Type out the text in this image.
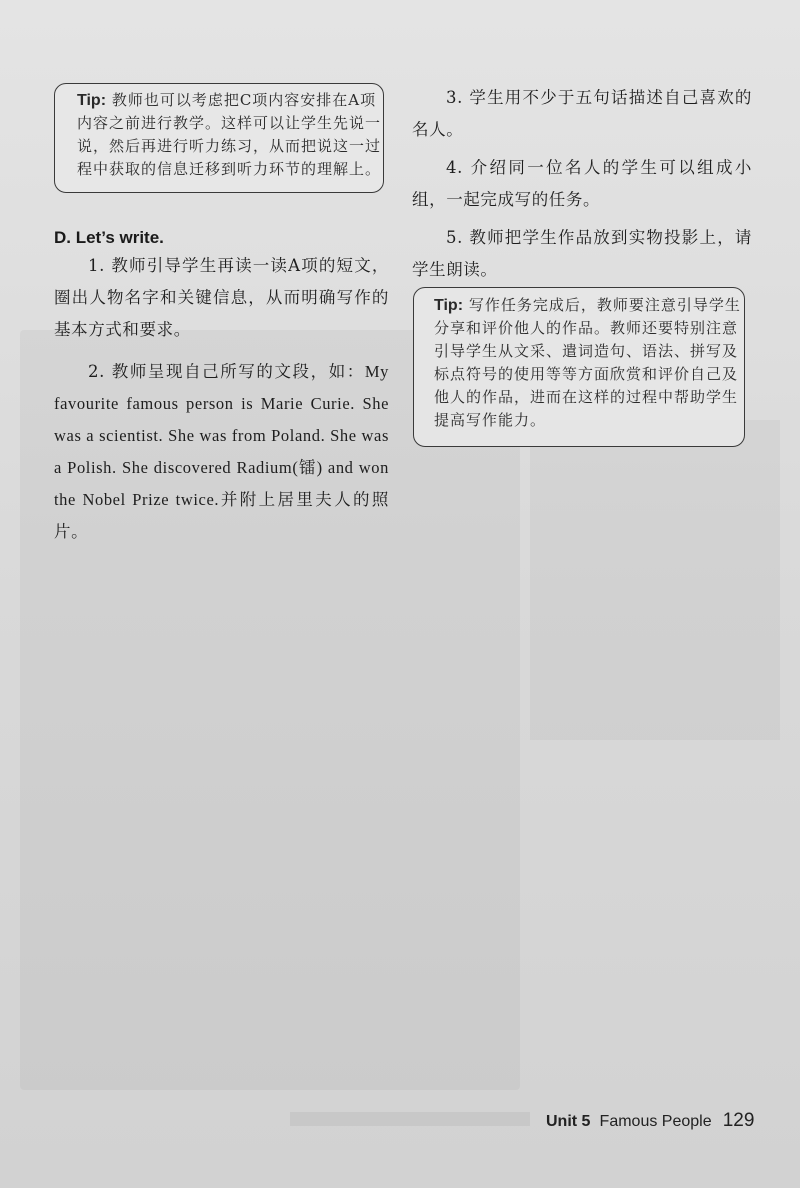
Tip: 教师也可以考虑把C项内容安排在A项内容之前进行教学。这样可以让学生先说一说，然后再进行听力练习，从而把说这一过程中获取的信息迁移到听力环节的理解上。
D. Let’s write.

1. 教师引导学生再读一读A项的短文，圈出人物名字和关键信息，从而明确写作的基本方式和要求。

2. 教师呈现自己所写的文段，如：My favourite famous person is Marie Curie. She was a scientist. She was from Poland. She was a Polish. She discovered Radium(镭) and won the Nobel Prize twice.并附上居里夫人的照片。

3. 学生用不少于五句话描述自己喜欢的名人。

4. 介绍同一位名人的学生可以组成小组，一起完成写的任务。

5. 教师把学生作品放到实物投影上，请学生朗读。

Tip: 写作任务完成后，教师要注意引导学生分享和评价他人的作品。教师还要特别注意引导学生从文采、遣词造句、语法、拼写及标点符号的使用等等方面欣赏和评价自己及他人的作品，进而在这样的过程中帮助学生提高写作能力。
Unit 5 Famous People 129
